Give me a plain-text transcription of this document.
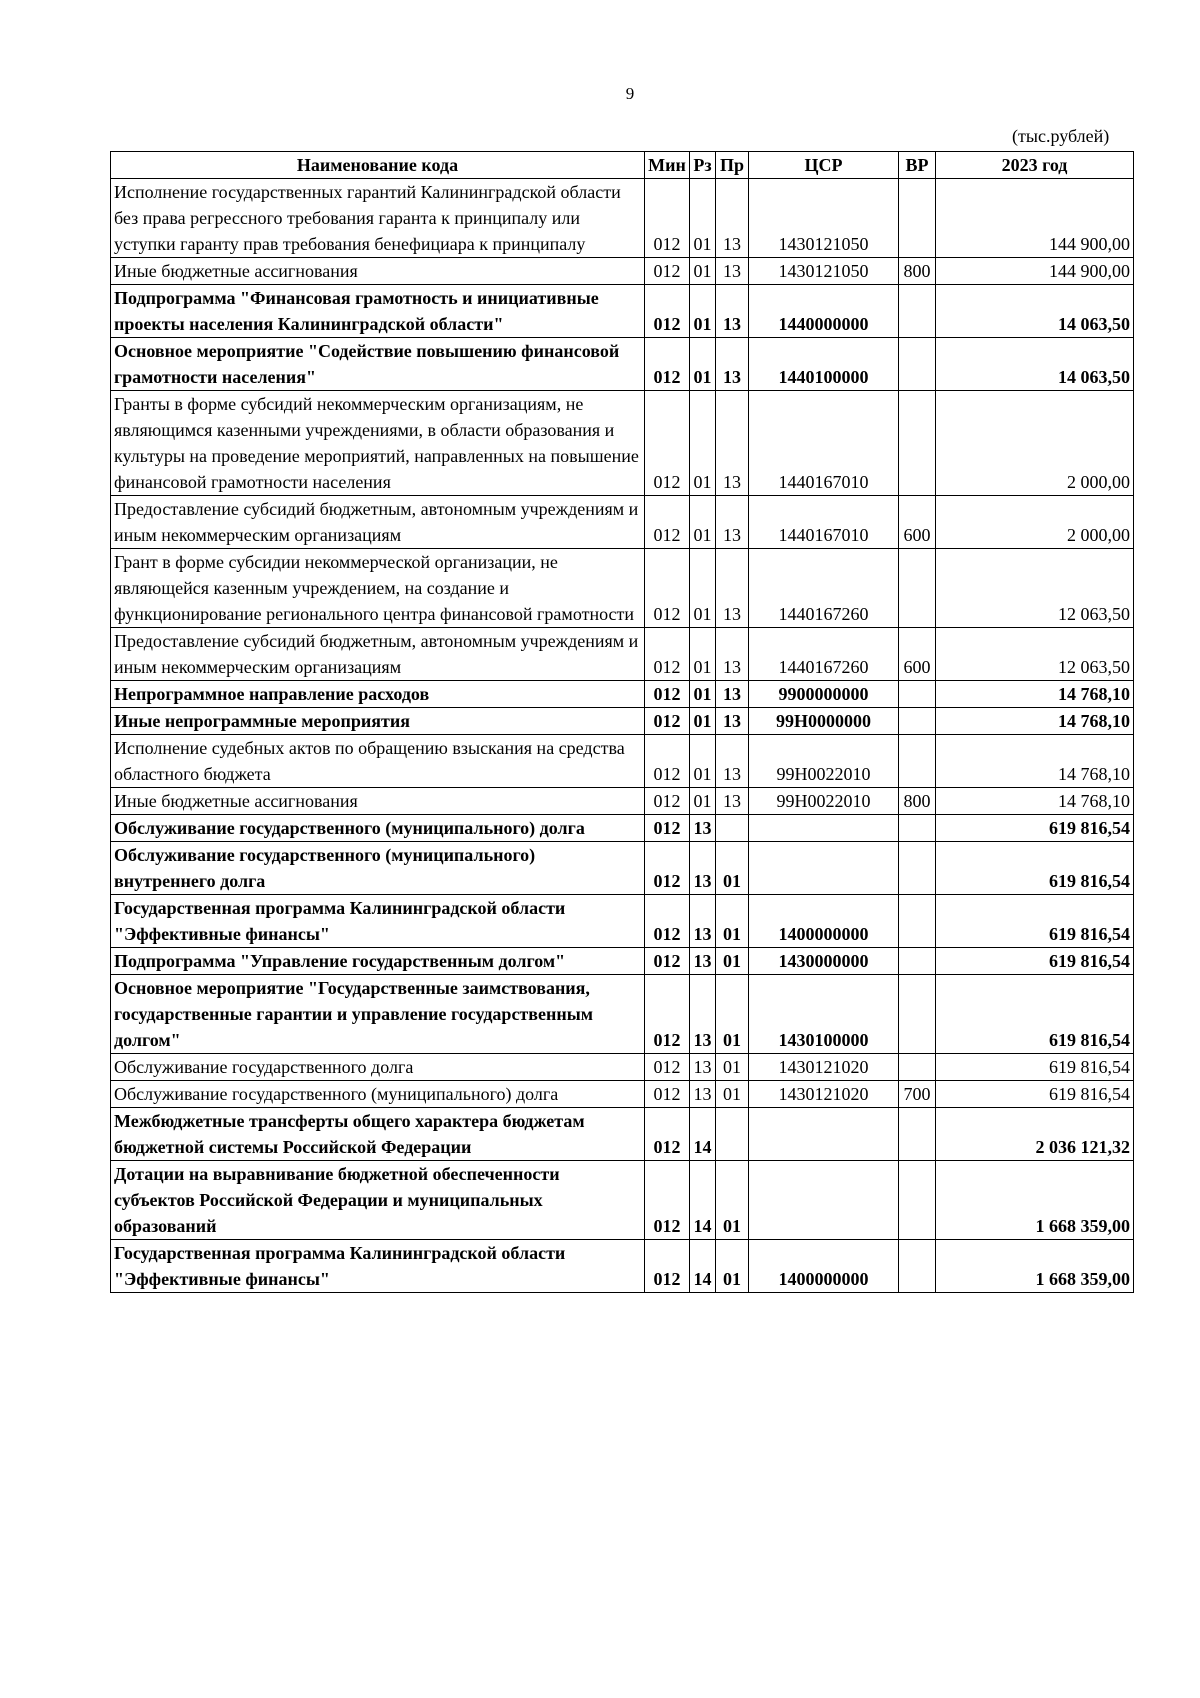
9
(тыс.рублей)
Наименование кода	Мин	Рз	Пр	ЦСР	ВР	2023 год
Исполнение государственных гарантий Калининградской области без права регрессного требования гаранта к принципалу или уступки гаранту прав требования бенефициара к принципалу	012	01	13	1430121050		144 900,00
Иные бюджетные ассигнования	012	01	13	1430121050	800	144 900,00
Подпрограмма "Финансовая грамотность и инициативные проекты населения Калининградской области"	012	01	13	1440000000		14 063,50
Основное мероприятие "Содействие повышению финансовой грамотности населения"	012	01	13	1440100000		14 063,50
Гранты в форме субсидий некоммерческим организациям, не являющимся казенными учреждениями, в области образования и культуры на проведение мероприятий, направленных на повышение финансовой грамотности населения	012	01	13	1440167010		2 000,00
Предоставление субсидий бюджетным, автономным учреждениям и иным некоммерческим организациям	012	01	13	1440167010	600	2 000,00
Грант в форме субсидии некоммерческой организации, не являющейся казенным учреждением, на создание и функционирование регионального центра финансовой грамотности	012	01	13	1440167260		12 063,50
Предоставление субсидий бюджетным, автономным учреждениям и иным некоммерческим организациям	012	01	13	1440167260	600	12 063,50
Непрограммное направление расходов	012	01	13	9900000000		14 768,10
Иные непрограммные мероприятия	012	01	13	99Н0000000		14 768,10
Исполнение судебных актов по обращению взыскания на средства областного бюджета	012	01	13	99Н0022010		14 768,10
Иные бюджетные ассигнования	012	01	13	99Н0022010	800	14 768,10
Обслуживание государственного (муниципального) долга	012	13				619 816,54
Обслуживание государственного (муниципального) внутреннего долга	012	13	01			619 816,54
Государственная программа Калининградской области "Эффективные финансы"	012	13	01	1400000000		619 816,54
Подпрограмма "Управление государственным долгом"	012	13	01	1430000000		619 816,54
Основное мероприятие "Государственные заимствования, государственные гарантии и управление государственным долгом"	012	13	01	1430100000		619 816,54
Обслуживание государственного долга	012	13	01	1430121020		619 816,54
Обслуживание государственного (муниципального) долга	012	13	01	1430121020	700	619 816,54
Межбюджетные трансферты общего характера бюджетам бюджетной системы Российской Федерации	012	14				2 036 121,32
Дотации на выравнивание бюджетной обеспеченности субъектов Российской Федерации и муниципальных образований	012	14	01			1 668 359,00
Государственная программа Калининградской области "Эффективные финансы"	012	14	01	1400000000		1 668 359,00
